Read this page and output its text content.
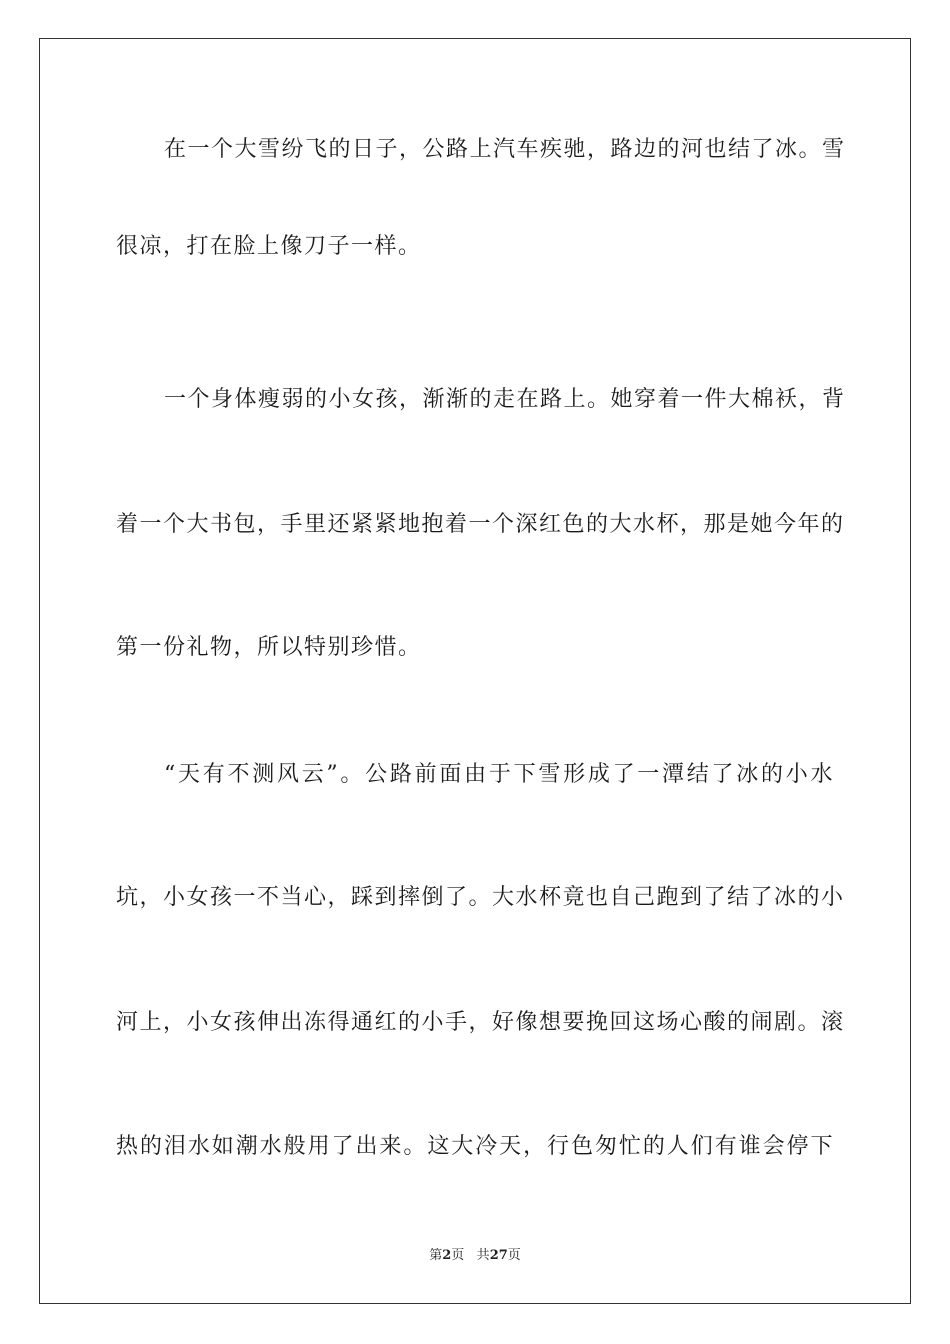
在一个大雪纷飞的日子，公路上汽车疾驰，路边的河也结了冰。雪
很凉，打在脸上像刀子一样。
一个身体瘦弱的小女孩，渐渐的走在路上。她穿着一件大棉袄，背
着一个大书包，手里还紧紧地抱着一个深红色的大水杯，那是她今年的
第一份礼物，所以特别珍惜。
“天有不测风云”。公路前面由于下雪形成了一潭结了冰的小水
坑，小女孩一不当心，踩到摔倒了。大水杯竟也自己跑到了结了冰的小
河上，小女孩伸出冻得通红的小手，好像想要挽回这场心酸的闹剧。滚
热的泪水如潮水般用了出来。这大冷天，行色匆忙的人们有谁会停下
第2页 共27页
